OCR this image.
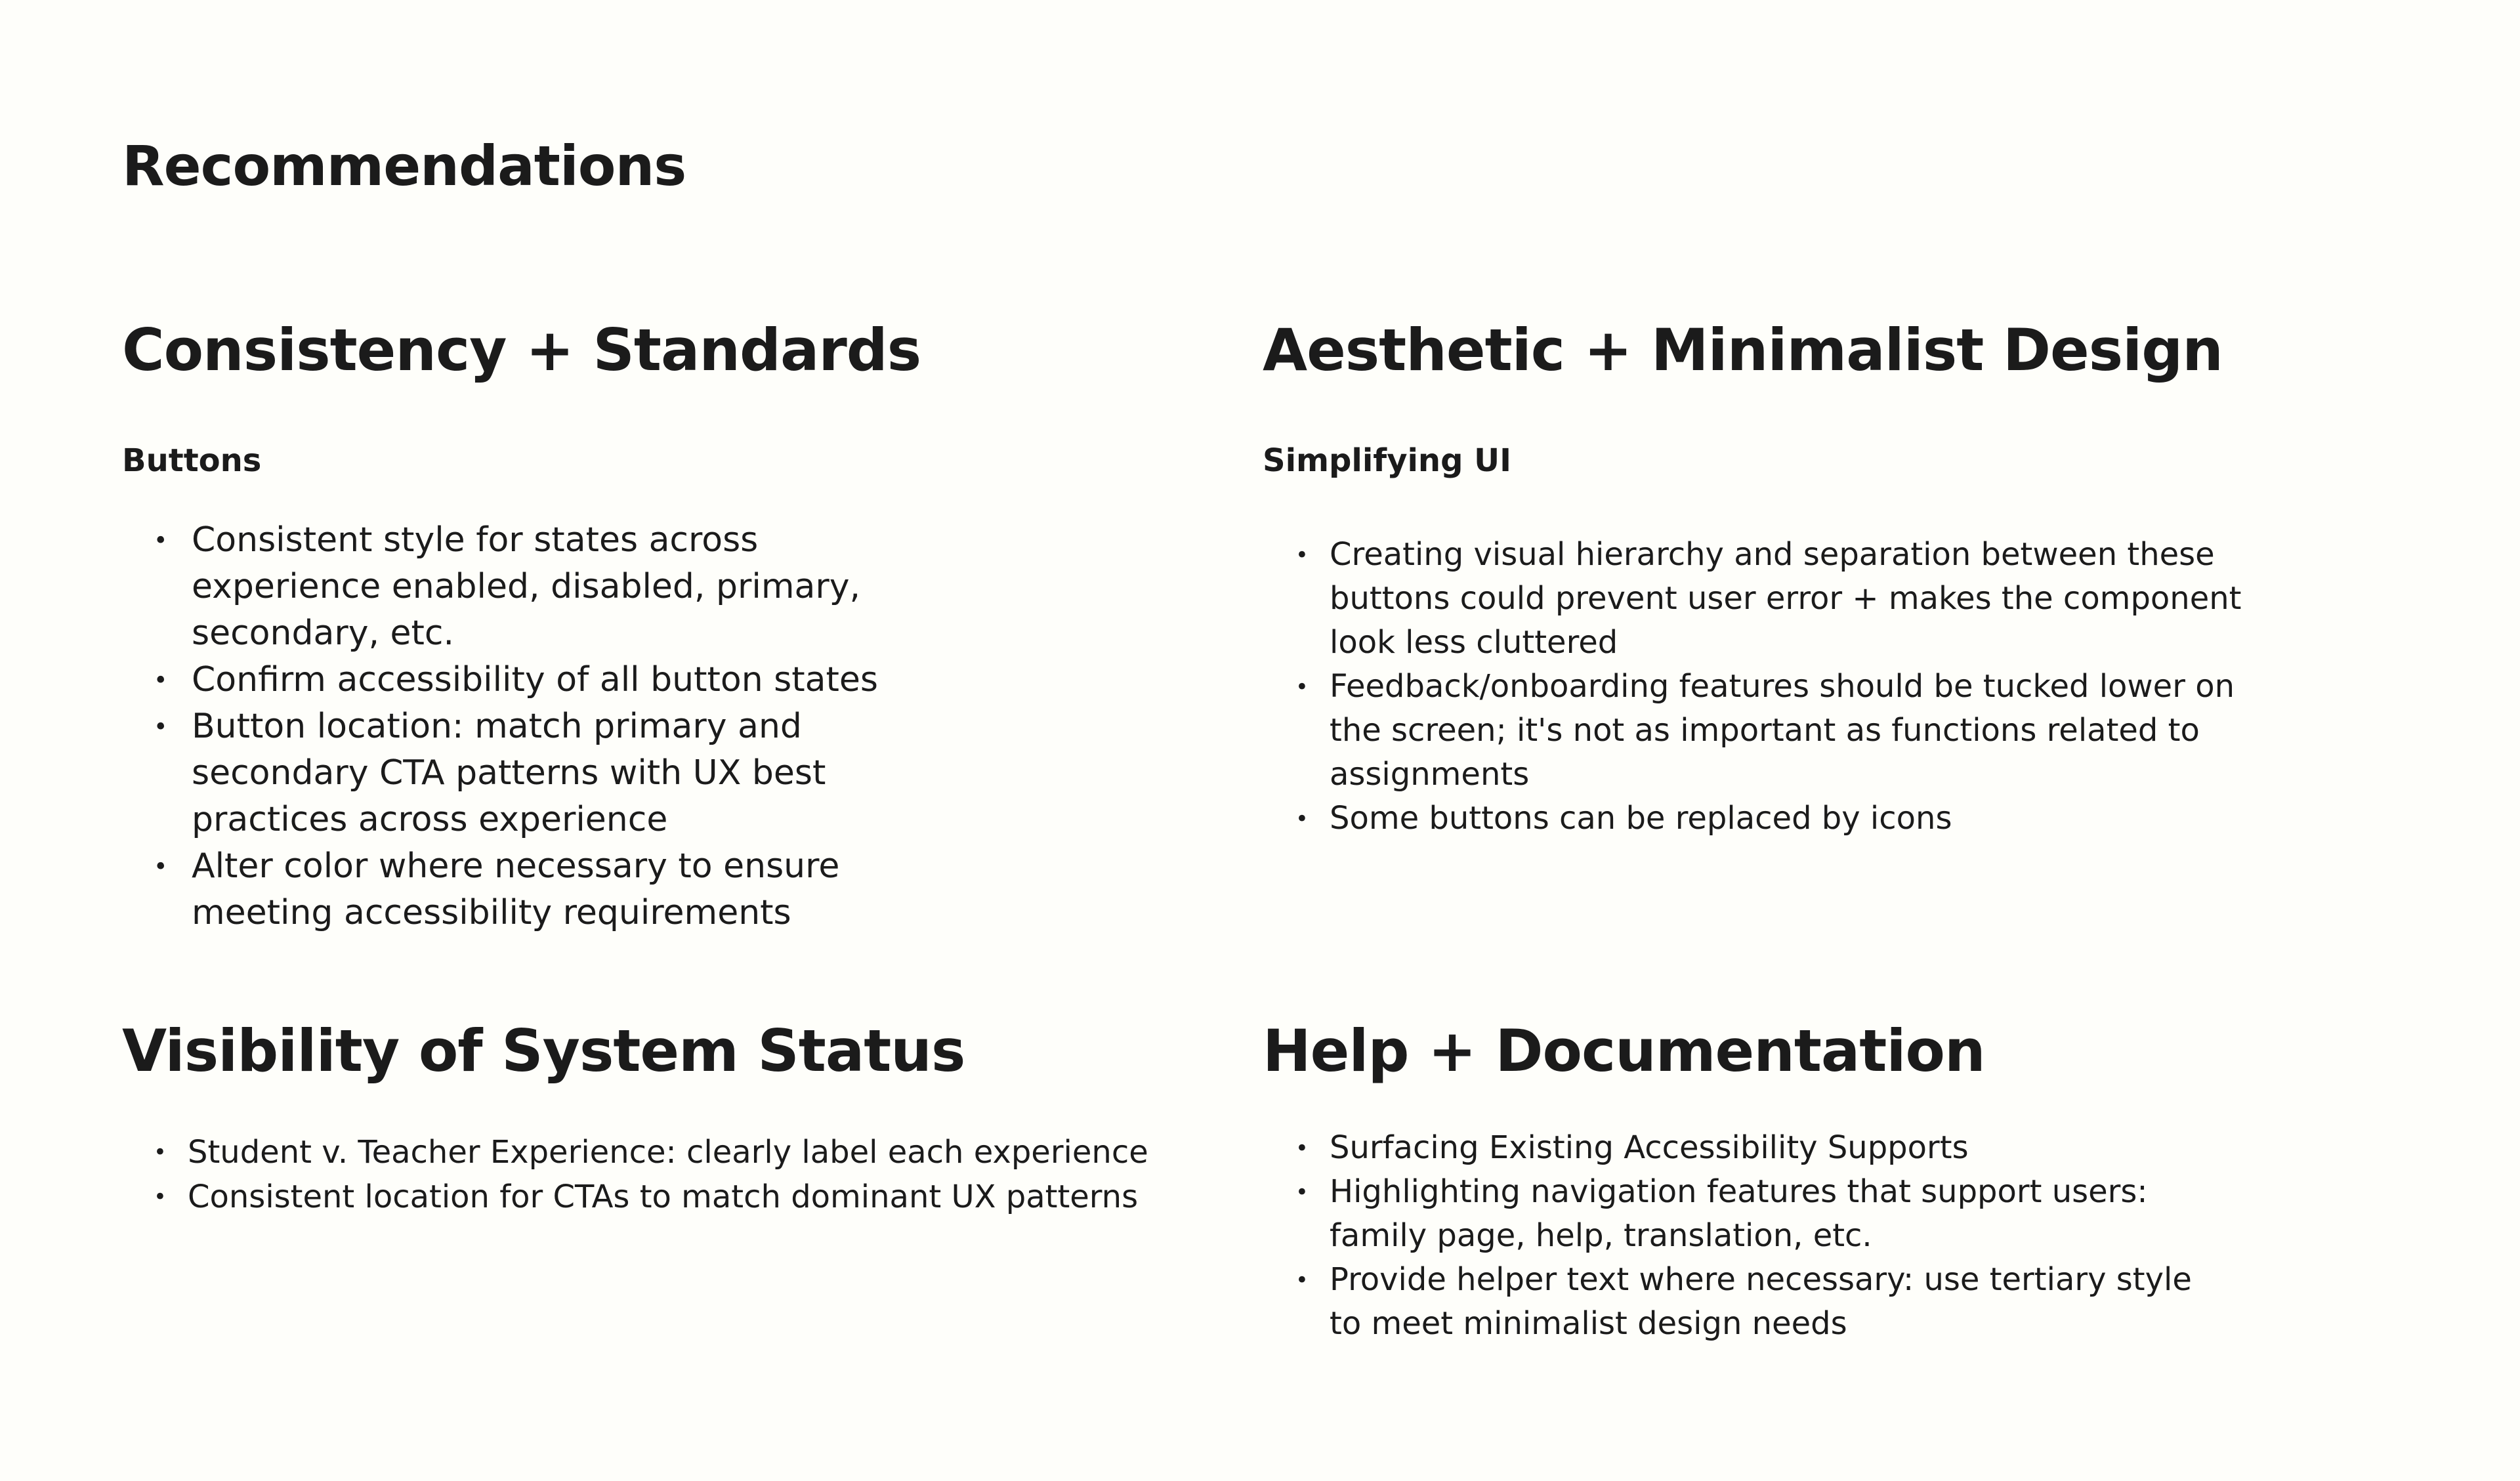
Recommendations
Consistency + Standards
Buttons
• Consistent style for states across experience enabled, disabled, primary, secondary, etc.
• Confirm accessibility of all button states
• Button location: match primary and secondary CTA patterns with UX best practices across experience
• Alter color where necessary to ensure meeting accessibility requirements
Aesthetic + Minimalist Design
Simplifying UI
• Creating visual hierarchy and separation between these buttons could prevent user error + makes the component look less cluttered
• Feedback/onboarding features should be tucked lower on the screen; it's not as important as functions related to assignments
• Some buttons can be replaced by icons
Visibility of System Status
• Student v. Teacher Experience: clearly label each experience
• Consistent location for CTAs to match dominant UX patterns
Help + Documentation
• Surfacing Existing Accessibility Supports
• Highlighting navigation features that support users: family page, help, translation, etc.
• Provide helper text where necessary: use tertiary style to meet minimalist design needs
